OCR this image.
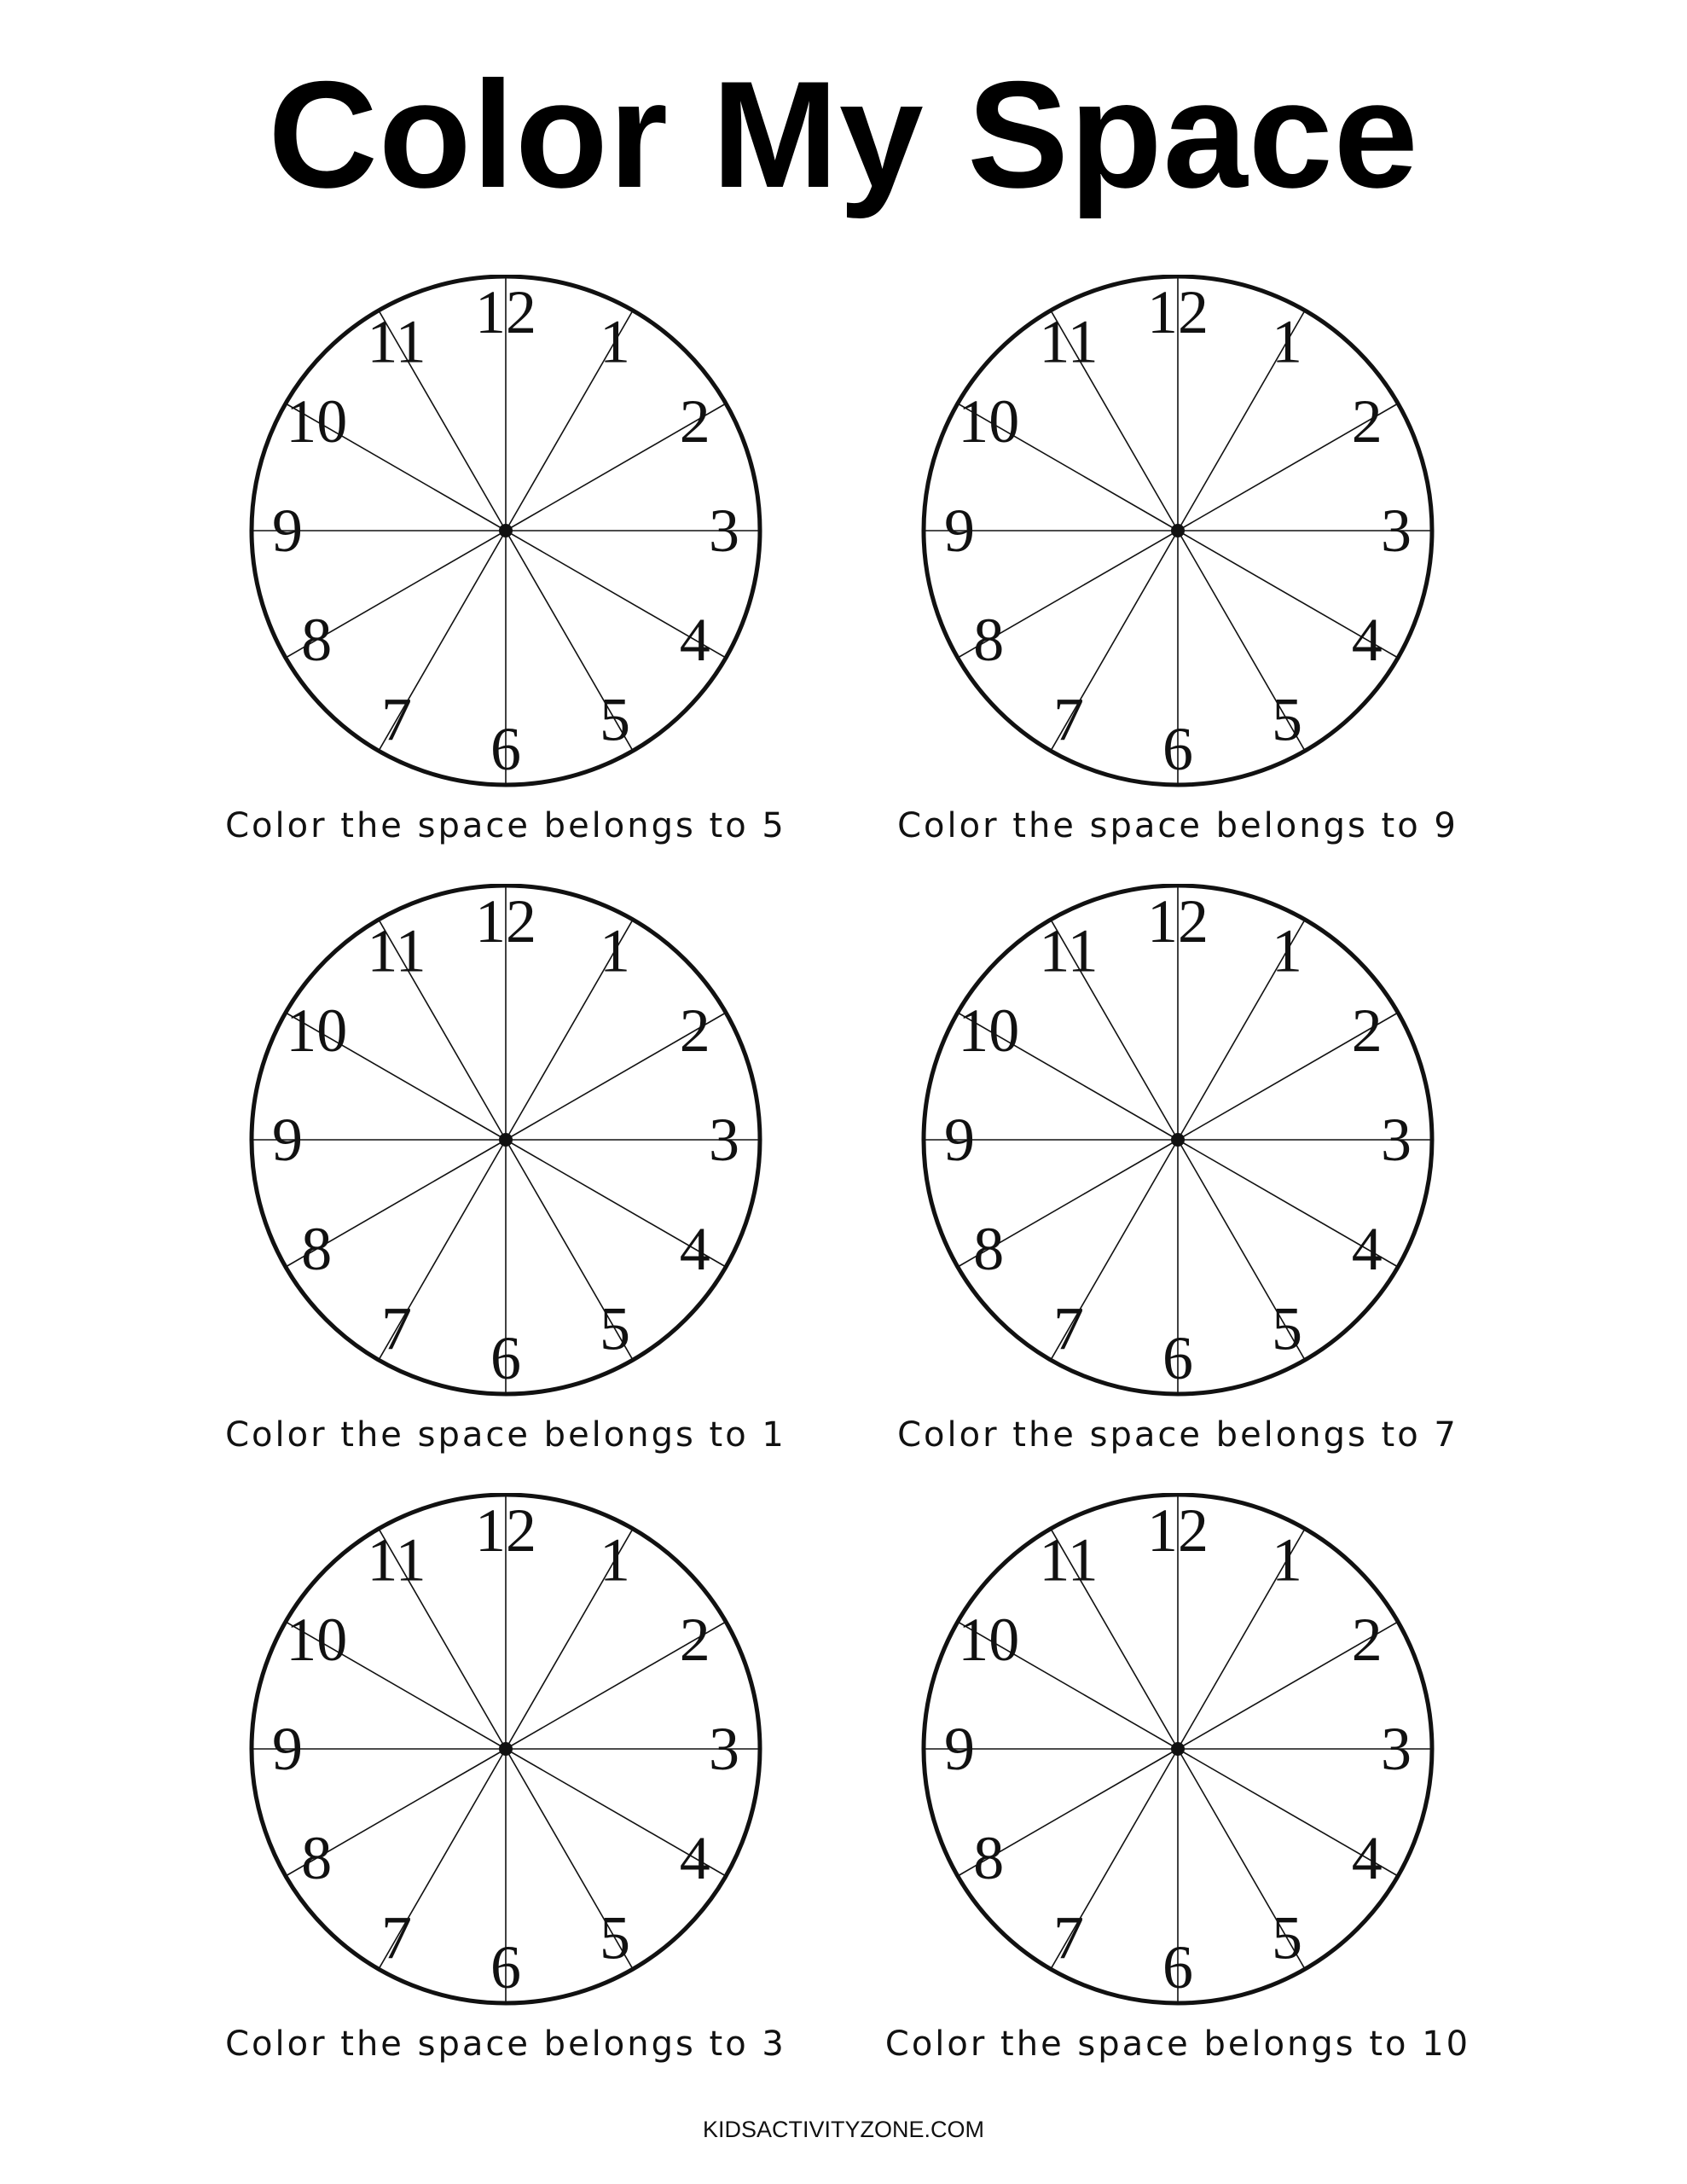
Color My Space
12 1
2
3
4
5
6
7
8
9
10
11
Color the space belongs to 5
12 1
2
3
4
5
6
7
8
9
10
11
Color the space belongs to 9
12 1
2
3
4
5
6
7
8
9
10
11
Color the space belongs to 1
12 1
2
3
4
5
6
7
8
9
10
11
Color the space belongs to 7
12 1
2
3
4
5
6
7
8
9
10
11
Color the space belongs to 3
12 1
2
3
4
5
6
7
8
9
10
11
Color the space belongs to 10
KIDSACTIVITYZONE.COM
